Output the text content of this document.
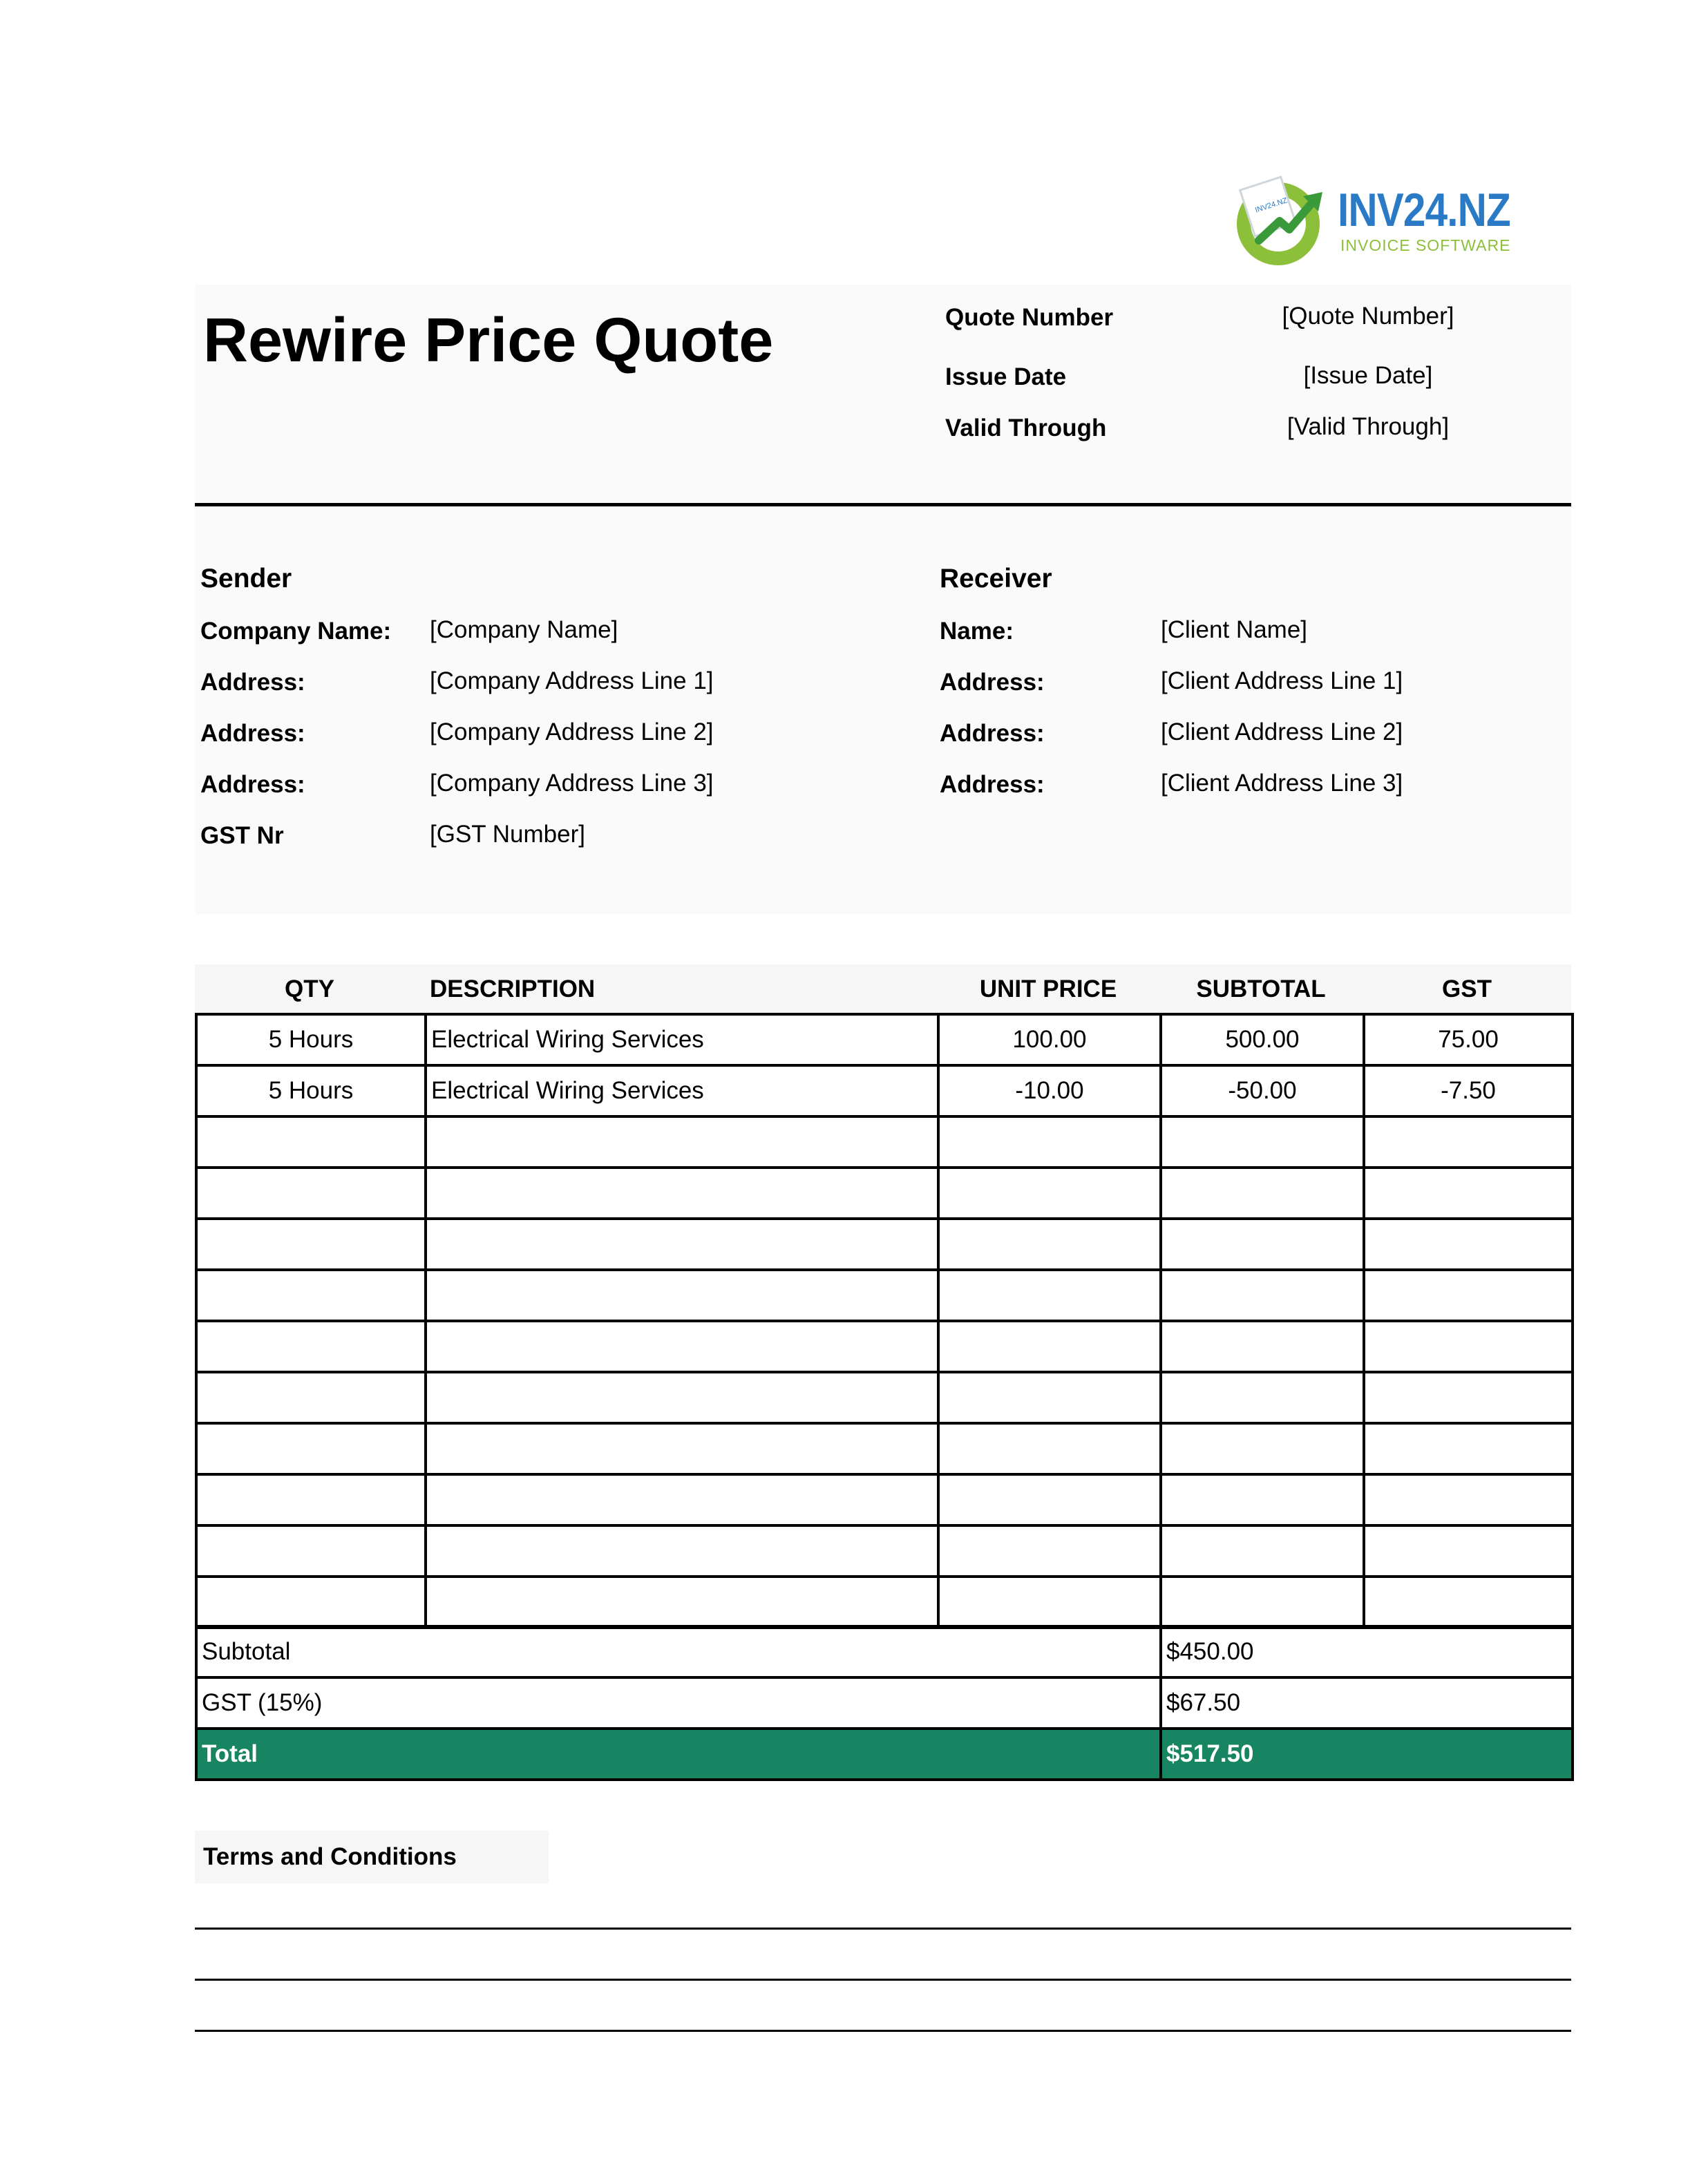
INV24.NZ INV24.NZ
INVOICE SOFTWARE
Rewire Price Quote	Quote Number	[Quote Number]
Issue Date	[Issue Date]
Valid Through	[Valid Through]
Sender
Company Name: [Company Name]
Address:	[Company Address Line 1]
Address:	[Company Address Line 2]
Address:	[Company Address Line 3]
GST Nr	[GST Number]
Receiver
Name:	[Client Name]
Address:	[Client Address Line 1]
Address:	[Client Address Line 2]
Address:	[Client Address Line 3]
QTY	DESCRIPTION	UNIT PRICE	SUBTOTAL	GST
5 Hours	Electrical Wiring Services	100.00	500.00	75.00
5 Hours	Electrical Wiring Services	-10.00	-50.00	-7.50

Subtotal	$450.00
GST (15%)	$67.50
Total	$517.50
Terms and Conditions
